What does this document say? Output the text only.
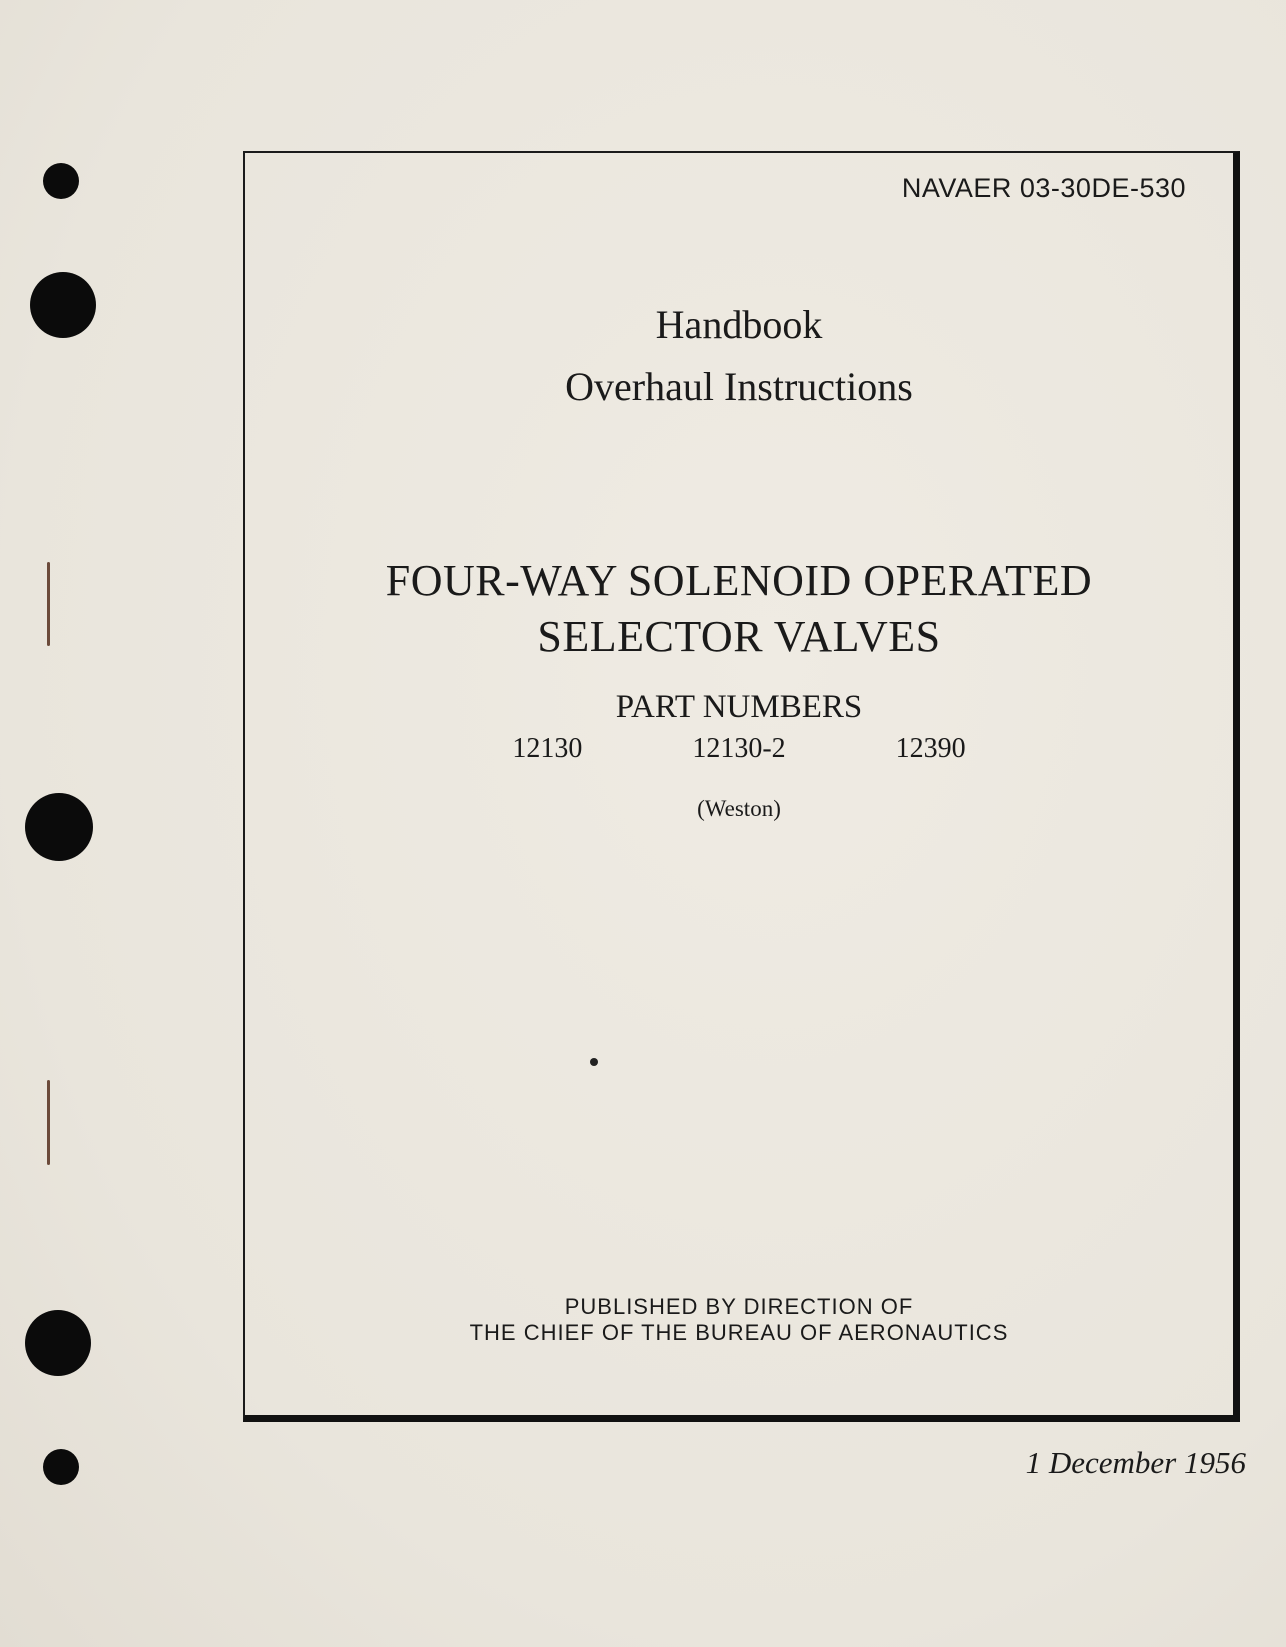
NAVAER 03-30DE-530
Handbook
Overhaul Instructions
FOUR-WAY SOLENOID OPERATED
SELECTOR VALVES
PART NUMBERS
12130	12130-2	12390
(Weston)
PUBLISHED BY DIRECTION OF
THE CHIEF OF THE BUREAU OF AERONAUTICS
1 December 1956
